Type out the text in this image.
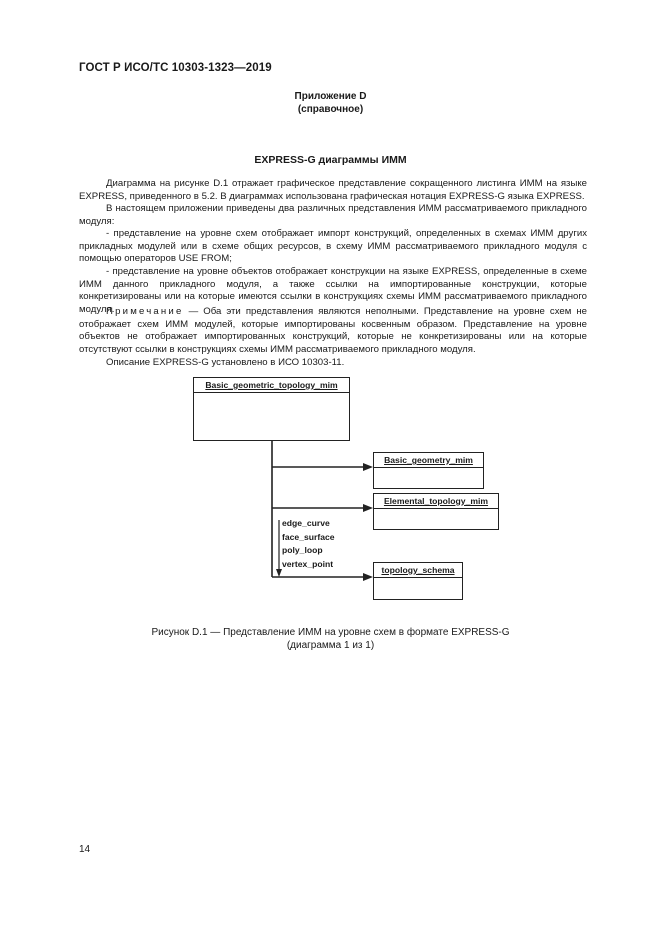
ГОСТ Р ИСО/ТС 10303-1323—2019
Приложение D
(справочное)
EXPRESS-G диаграммы ИММ
Диаграмма на рисунке D.1 отражает графическое представление сокращенного листинга ИММ на языке EXPRESS, приведенного в 5.2. В диаграммах использована графическая нотация EXPRESS-G языка EXPRESS.
В настоящем приложении приведены два различных представления ИММ рассматриваемого прикладного модуля:
- представление на уровне схем отображает импорт конструкций, определенных в схемах ИММ других прикладных модулей или в схеме общих ресурсов, в схему ИММ рассматриваемого прикладного модуля с помощью операторов USE FROM;
- представление на уровне объектов отображает конструкции на языке EXPRESS, определенные в схеме ИММ данного прикладного модуля, а также ссылки на импортированные конструкции, которые конкретизированы или на которые имеются ссылки в конструкциях схемы ИММ рассматриваемого прикладного модуля.
Примечание — Оба эти представления являются неполными. Представление на уровне схем не отображает схем ИММ модулей, которые импортированы косвенным образом. Представление на уровне объектов не отображает импортированных конструкций, которые не конкретизированы или на которые отсутствуют ссылки в конструкциях схемы ИММ рассматриваемого прикладного модуля.
Описание EXPRESS-G установлено в ИСО 10303-11.
Basic_geometric_topology_mim
Basic_geometry_mim
Elemental_topology_mim
topology_schema
edge_curve
face_surface
poly_loop
vertex_point
Рисунок D.1 — Представление ИММ на уровне схем в формате EXPRESS-G
(диаграмма 1 из 1)
14
